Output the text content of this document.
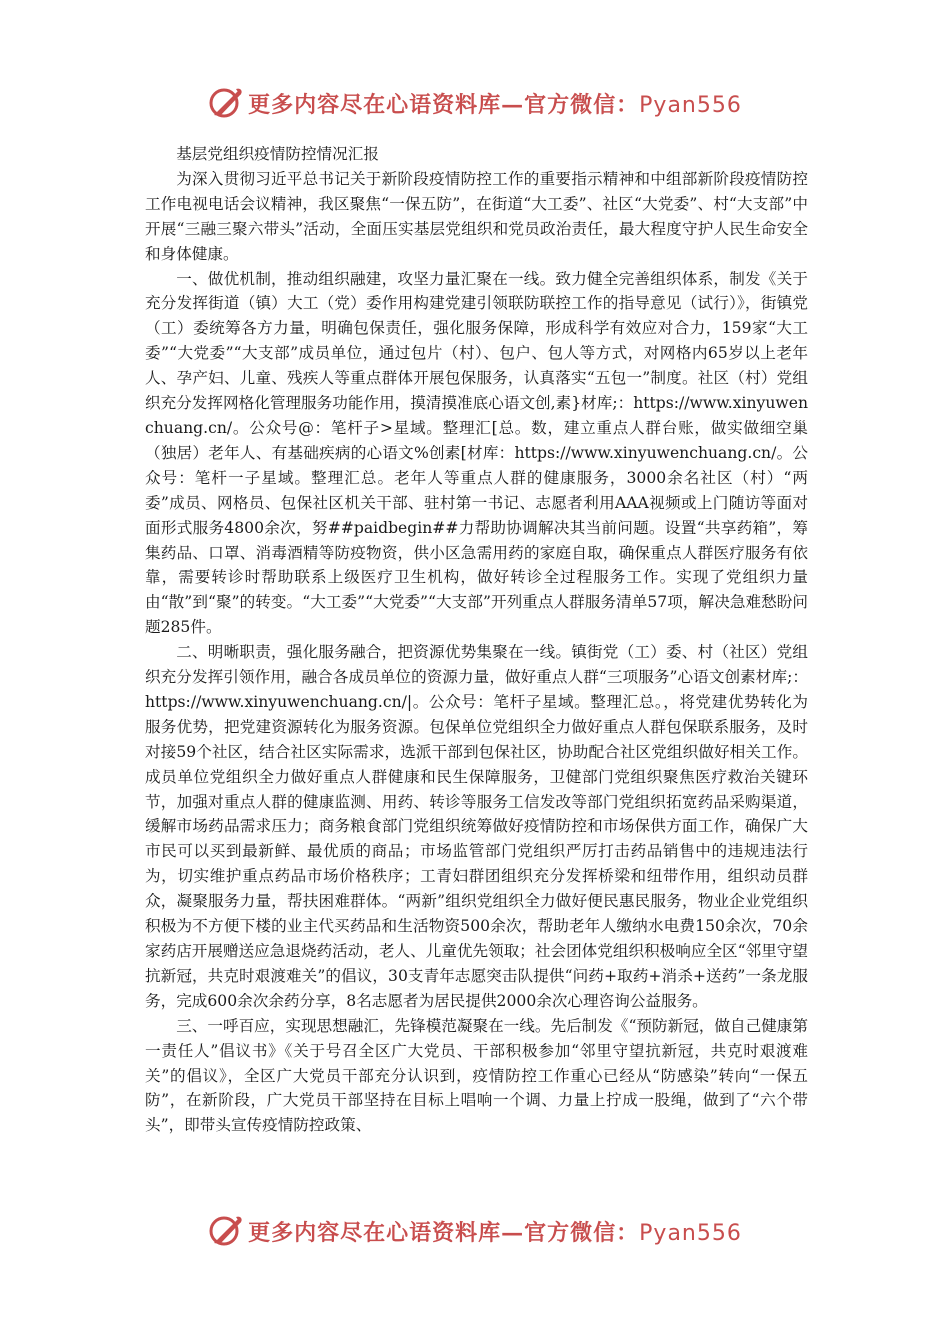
更多内容尽在心语资料库—官方微信：Pyan556

基层党组织疫情防控情况汇报

为深入贯彻习近平总书记关于新阶段疫情防控工作的重要指示精神和中组部新阶段疫情防控工作电视电话会议精神，我区聚焦“一保五防”，在街道“大工委”、社区“大党委”、村“大支部”中开展“三融三聚六带头”活动，全面压实基层党组织和党员政治责任，最大程度守护人民生命安全和身体健康。

一、做优机制，推动组织融建，攻坚力量汇聚在一线。致力健全完善组织体系，制发《关于充分发挥街道（镇）大工（党）委作用构建党建引领联防联控工作的指导意见（试行）》，街镇党（工）委统筹各方力量，明确包保责任，强化服务保障，形成科学有效应对合力，159家“大工委”“大党委”“大支部”成员单位，通过包片（村）、包户、包人等方式，对网格内65岁以上老年人、孕产妇、儿童、残疾人等重点群体开展包保服务，认真落实“五包一”制度。社区（村）党组织充分发挥网格化管理服务功能作用，摸清摸准底心语文创,素}材库;：https://www.xinyuwenchuang.cn/。公众号@：笔杆子>星域。整理汇[总。数，建立重点人群台账，做实做细空巢（独居）老年人、有基础疾病的心语文%创素[材库：https://www.xinyuwenchuang.cn/。公众号：笔杆一子星域。整理汇总。老年人等重点人群的健康服务，3000余名社区（村）“两委”成员、网格员、包保社区机关干部、驻村第一书记、志愿者利用AAA视频或上门随访等面对面形式服务4800余次，努##paidbegin##力帮助协调解决其当前问题。设置“共享药箱”，筹集药品、口罩、消毒酒精等防疫物资，供小区急需用药的家庭自取，确保重点人群医疗服务有依靠，需要转诊时帮助联系上级医疗卫生机构，做好转诊全过程服务工作。实现了党组织力量由“散”到“聚”的转变。“大工委”“大党委”“大支部”开列重点人群服务清单57项，解决急难愁盼问题285件。

二、明晰职责，强化服务融合，把资源优势集聚在一线。镇街党（工）委、村（社区）党组织充分发挥引领作用，融合各成员单位的资源力量，做好重点人群“三项服务”心语文创素材库;：https://www.xinyuwenchuang.cn/|。公众号：笔杆子星域。整理汇总。，将党建优势转化为服务优势，把党建资源转化为服务资源。包保单位党组织全力做好重点人群包保联系服务，及时对接59个社区，结合社区实际需求，选派干部到包保社区，协助配合社区党组织做好相关工作。成员单位党组织全力做好重点人群健康和民生保障服务，卫健部门党组织聚焦医疗救治关键环节，加强对重点人群的健康监测、用药、转诊等服务工信发改等部门党组织拓宽药品采购渠道，缓解市场药品需求压力；商务粮食部门党组织统筹做好疫情防控和市场保供方面工作，确保广大市民可以买到最新鲜、最优质的商品；市场监管部门党组织严厉打击药品销售中的违规违法行为，切实维护重点药品市场价格秩序；工青妇群团组织充分发挥桥梁和纽带作用，组织动员群众，凝聚服务力量，帮扶困难群体。“两新”组织党组织全力做好便民惠民服务，物业企业党组织积极为不方便下楼的业主代买药品和生活物资500余次，帮助老年人缴纳水电费150余次，70余家药店开展赠送应急退烧药活动，老人、儿童优先领取；社会团体党组织积极响应全区“邻里守望抗新冠，共克时艰渡难关”的倡议，30支青年志愿突击队提供“问药+取药+消杀+送药”一条龙服务，完成600余次余药分享，8名志愿者为居民提供2000余次心理咨询公益服务。

三、一呼百应，实现思想融汇，先锋模范凝聚在一线。先后制发《“预防新冠，做自己健康第一责任人”倡议书》《关于号召全区广大党员、干部积极参加“邻里守望抗新冠，共克时艰渡难关”的倡议》，全区广大党员干部充分认识到，疫情防控工作重心已经从“防感染”转向“一保五防”，在新阶段，广大党员干部坚持在目标上唱响一个调、力量上拧成一股绳，做到了“六个带头”，即带头宣传疫情防控政策、

更多内容尽在心语资料库—官方微信：Pyan556
